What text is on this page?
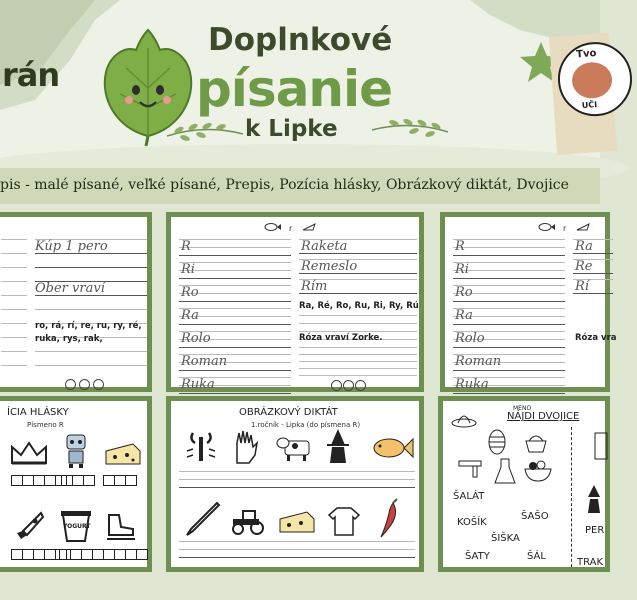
rán
Doplnkové
písanie
k Lipke
Tvo
UČI
pis - malé písané, veľké písané, Prepis, Pozícia hlásky, Obrázkový diktát, Dvojice
Kúp 1 pero
Ober vraví
ro, rá, rí, re, ru, ry, ré,
ruka, rys, rak,
R
Ri
Ro
Ra
Rolo
Roman
Ruka
Raketa
Remeslo
Rím
r
Ra, Ré, Ro, Ru, Ri, Ry, Rú
Róza vraví Zorke.
R
Ri
Ro
Ra
Rolo
Roman
Ruka
Ra
Re
Rí
r
Róza vra
ÍCIA HLÁSKY
Písmeno R
YOGURT
OBRÁZKOVÝ DIKTÁT
1.ročník - Lipka (do písmena R)
MENO
NÁJDI DVOJICE
ŠALÁT
KOŠÍK
ŠAŠO
ŠIŠKA
ŠATY	ŠÁL
PER
TRAK
